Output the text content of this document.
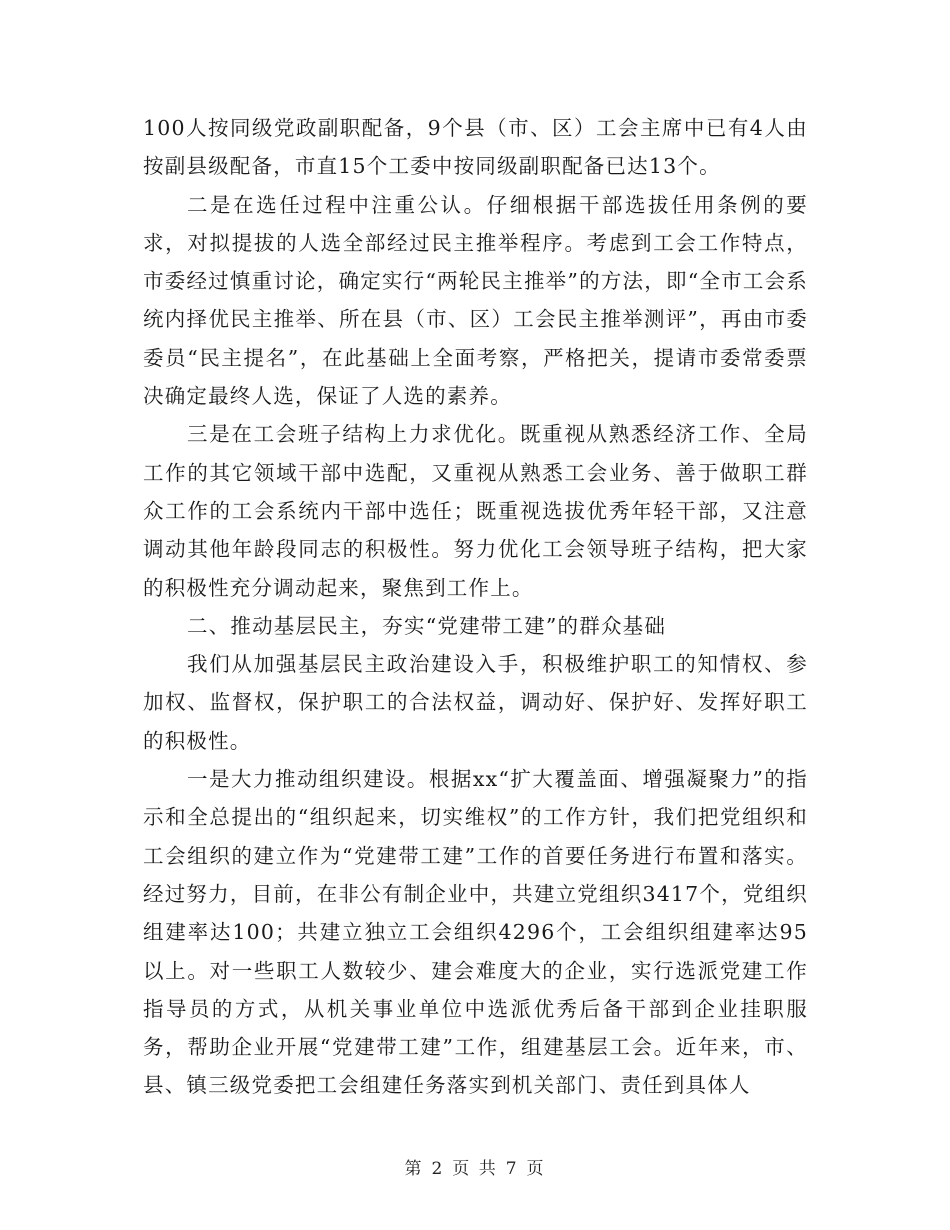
100人按同级党政副职配备，9个县（市、区）工会主席中已有4人由按副县级配备，市直15个工委中按同级副职配备已达13个。

二是在选任过程中注重公认。仔细根据干部选拔任用条例的要求，对拟提拔的人选全部经过民主推举程序。考虑到工会工作特点，市委经过慎重讨论，确定实行“两轮民主推举”的方法，即“全市工会系统内择优民主推举、所在县（市、区）工会民主推举测评”，再由市委委员“民主提名”，在此基础上全面考察，严格把关，提请市委常委票决确定最终人选，保证了人选的素养。

三是在工会班子结构上力求优化。既重视从熟悉经济工作、全局工作的其它领域干部中选配，又重视从熟悉工会业务、善于做职工群众工作的工会系统内干部中选任；既重视选拔优秀年轻干部，又注意调动其他年龄段同志的积极性。努力优化工会领导班子结构，把大家的积极性充分调动起来，聚焦到工作上。

二、推动基层民主，夯实“党建带工建”的群众基础

我们从加强基层民主政治建设入手，积极维护职工的知情权、参加权、监督权，保护职工的合法权益，调动好、保护好、发挥好职工的积极性。

一是大力推动组织建设。根据xx“扩大覆盖面、增强凝聚力”的指示和全总提出的“组织起来，切实维权”的工作方针，我们把党组织和工会组织的建立作为“党建带工建”工作的首要任务进行布置和落实。经过努力，目前，在非公有制企业中，共建立党组织3417个，党组织组建率达100；共建立独立工会组织4296个，工会组织组建率达95以上。对一些职工人数较少、建会难度大的企业，实行选派党建工作指导员的方式，从机关事业单位中选派优秀后备干部到企业挂职服务，帮助企业开展“党建带工建”工作，组建基层工会。近年来，市、县、镇三级党委把工会组建任务落实到机关部门、责任到具体人

第 2 页 共 7 页
